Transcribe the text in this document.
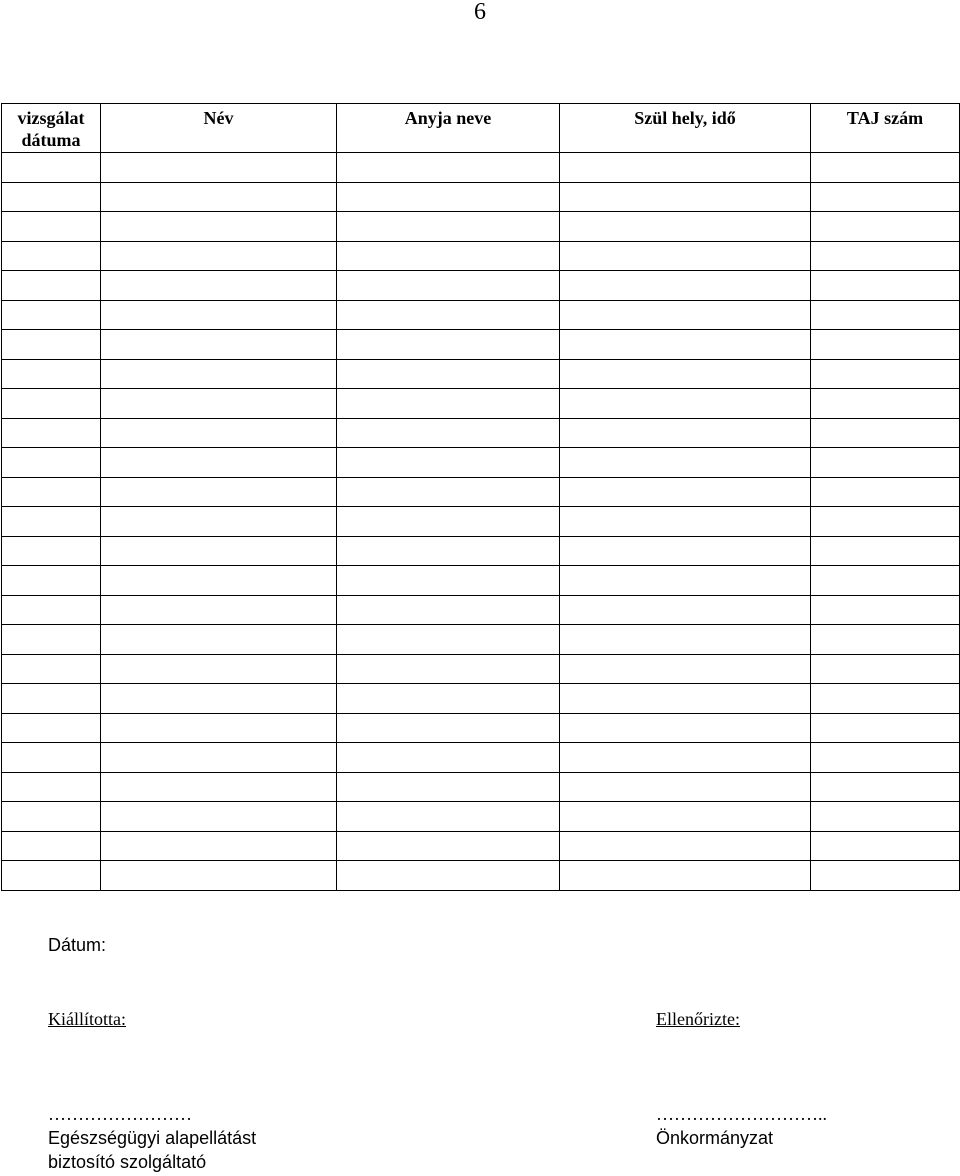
6
vizsgálat
dátuma	Név	Anyja neve	Szül hely, idő	TAJ szám

Dátum:
Kiállította:	Ellenőrizte:
……………………
Egészségügyi alapellátást
biztosító szolgáltató
………………………..
Önkormányzat
